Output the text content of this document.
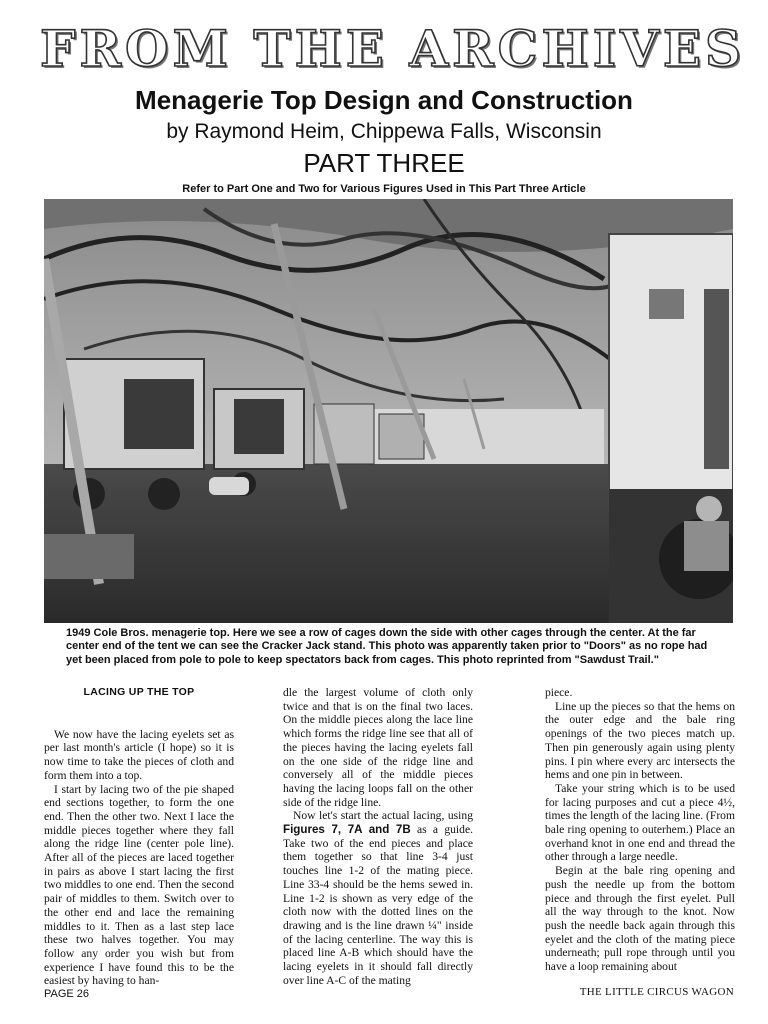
FROM THE ARCHIVES
Menagerie Top Design and Construction
by Raymond Heim, Chippewa Falls, Wisconsin
PART THREE
Refer to Part One and Two for Various Figures Used in This Part Three Article
1949 Cole Bros. menagerie top. Here we see a row of cages down the side with other cages through the center. At the far center end of the tent we can see the Cracker Jack stand. This photo was apparently taken prior to "Doors" as no rope had yet been placed from pole to pole to keep spectators back from cages. This photo reprinted from "Sawdust Trail."
LACING UP THE TOP

We now have the lacing eyelets set as per last month's article (I hope) so it is now time to take the pieces of cloth and form them into a top.

I start by lacing two of the pie shaped end sections together, to form the one end. Then the other two. Next I lace the middle pieces together where they fall along the ridge line (center pole line). After all of the pieces are laced together in pairs as above I start lacing the first two middles to one end. Then the second pair of middles to them. Switch over to the other end and lace the remaining middles to it. Then as a last step lace these two halves together. You may follow any order you wish but from experience I have found this to be the easiest by having to han-

dle the largest volume of cloth only twice and that is on the final two laces. On the middle pieces along the lace line which forms the ridge line see that all of the pieces having the lacing eyelets fall on the one side of the ridge line and conversely all of the middle pieces having the lacing loops fall on the other side of the ridge line.

Now let's start the actual lacing, using Figures 7, 7A and 7B as a guide. Take two of the end pieces and place them together so that line 3-4 just touches line 1-2 of the mating piece. Line 33-4 should be the hems sewed in. Line 1-2 is shown as very edge of the cloth now with the dotted lines on the drawing and is the line drawn ¼" inside of the lacing centerline. The way this is placed line A-B which should have the lacing eyelets in it should fall directly over line A-C of the mating

piece.

Line up the pieces so that the hems on the outer edge and the bale ring openings of the two pieces match up. Then pin generously again using plenty pins. I pin where every arc intersects the hems and one pin in between.

Take your string which is to be used for lacing purposes and cut a piece 4½, times the length of the lacing line. (From bale ring opening to outerhem.) Place an overhand knot in one end and thread the other through a large needle.

Begin at the bale ring opening and push the needle up from the bottom piece and through the first eyelet. Pull all the way through to the knot. Now push the needle back again through this eyelet and the cloth of the mating piece underneath; pull rope through until you have a loop remaining about

PAGE 26	THE LITTLE CIRCUS WAGON
